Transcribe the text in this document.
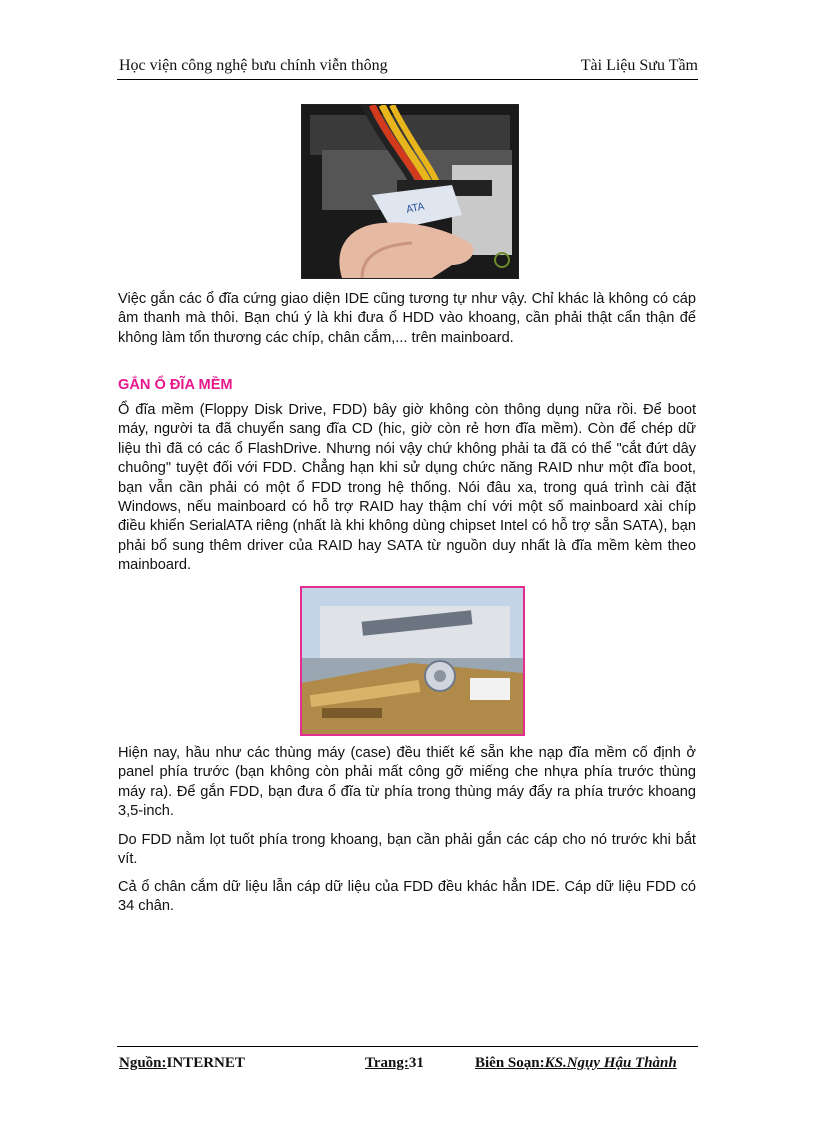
Học viện công nghệ bưu chính viễn thông	Tài Liệu Sưu Tầm
ATA

Việc gắn các ổ đĩa cứng giao diện IDE cũng tương tự như vậy. Chỉ khác là không có cáp âm thanh mà thôi. Bạn chú ý là khi đưa ổ HDD vào khoang, cần phải thật cẩn thận để không làm tổn thương các chíp, chân cắm,... trên mainboard.

GẮN Ổ ĐĨA MỀM

Ổ đĩa mềm (Floppy Disk Drive, FDD) bây giờ không còn thông dụng nữa rồi. Để boot máy, người ta đã chuyển sang đĩa CD (hic, giờ còn rẻ hơn đĩa mềm). Còn để chép dữ liệu thì đã có các ổ FlashDrive. Nhưng nói vậy chứ không phải ta đã có thể "cắt đứt dây chuông" tuyệt đối với FDD. Chẳng hạn khi sử dụng chức năng RAID như một đĩa boot, bạn vẫn cần phải có một ổ FDD trong hệ thống. Nói đâu xa, trong quá trình cài đặt Windows, nếu mainboard có hỗ trợ RAID hay thậm chí với một số mainboard xài chíp điều khiển SerialATA riêng (nhất là khi không dùng chipset Intel có hỗ trợ sẵn SATA), bạn phải bổ sung thêm driver của RAID hay SATA từ nguồn duy nhất là đĩa mềm kèm theo mainboard.

Hiện nay, hầu như các thùng máy (case) đều thiết kế sẵn khe nạp đĩa mềm cố định ở panel phía trước (bạn không còn phải mất công gỡ miếng che nhựa phía trước thùng máy ra). Để gắn FDD, bạn đưa ổ đĩa từ phía trong thùng máy đẩy ra phía trước khoang 3,5-inch.

Do FDD nằm lọt tuốt phía trong khoang, bạn cần phải gắn các cáp cho nó trước khi bắt vít.

Cả ổ chân cắm dữ liệu lẫn cáp dữ liệu của FDD đều khác hẳn IDE. Cáp dữ liệu FDD có 34 chân.

Nguồn:INTERNET	Trang:31	Biên Soạn:KS.Ngụy Hậu Thành
